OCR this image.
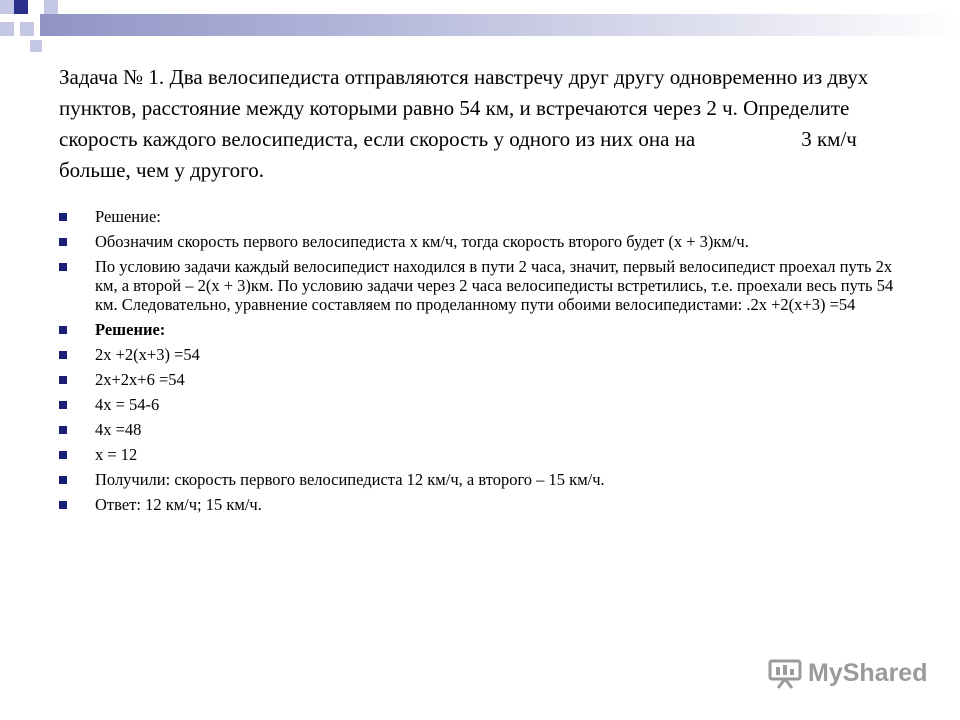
Задача № 1. Два велосипедиста отправляются навстречу друг другу одновременно из двух пунктов, расстояние между которыми равно 54 км, и встречаются через 2 ч. Определите скорость каждого велосипедиста, если скорость у одного из них она на	3 км/ч больше, чем у другого.

Решение:
Обозначим скорость первого велосипедиста x км/ч, тогда скорость второго будет (x + 3)км/ч.
По условию задачи каждый велосипедист находился в пути 2 часа, значит, первый велосипедист проехал путь 2x км, а второй – 2(x + 3)км. По условию задачи через 2 часа велосипедисты встретились, т.е. проехали весь путь 54 км. Следовательно, уравнение составляем по проделанному пути обоими велосипедистами: .2x +2(x+3) =54
Решение:
2x +2(x+3) =54
2x+2x+6 =54
4x = 54-6
4x =48
x = 12
Получили: скорость первого велосипедиста 12 км/ч, а второго – 15 км/ч.
Ответ: 12 км/ч; 15 км/ч.
MyShared
